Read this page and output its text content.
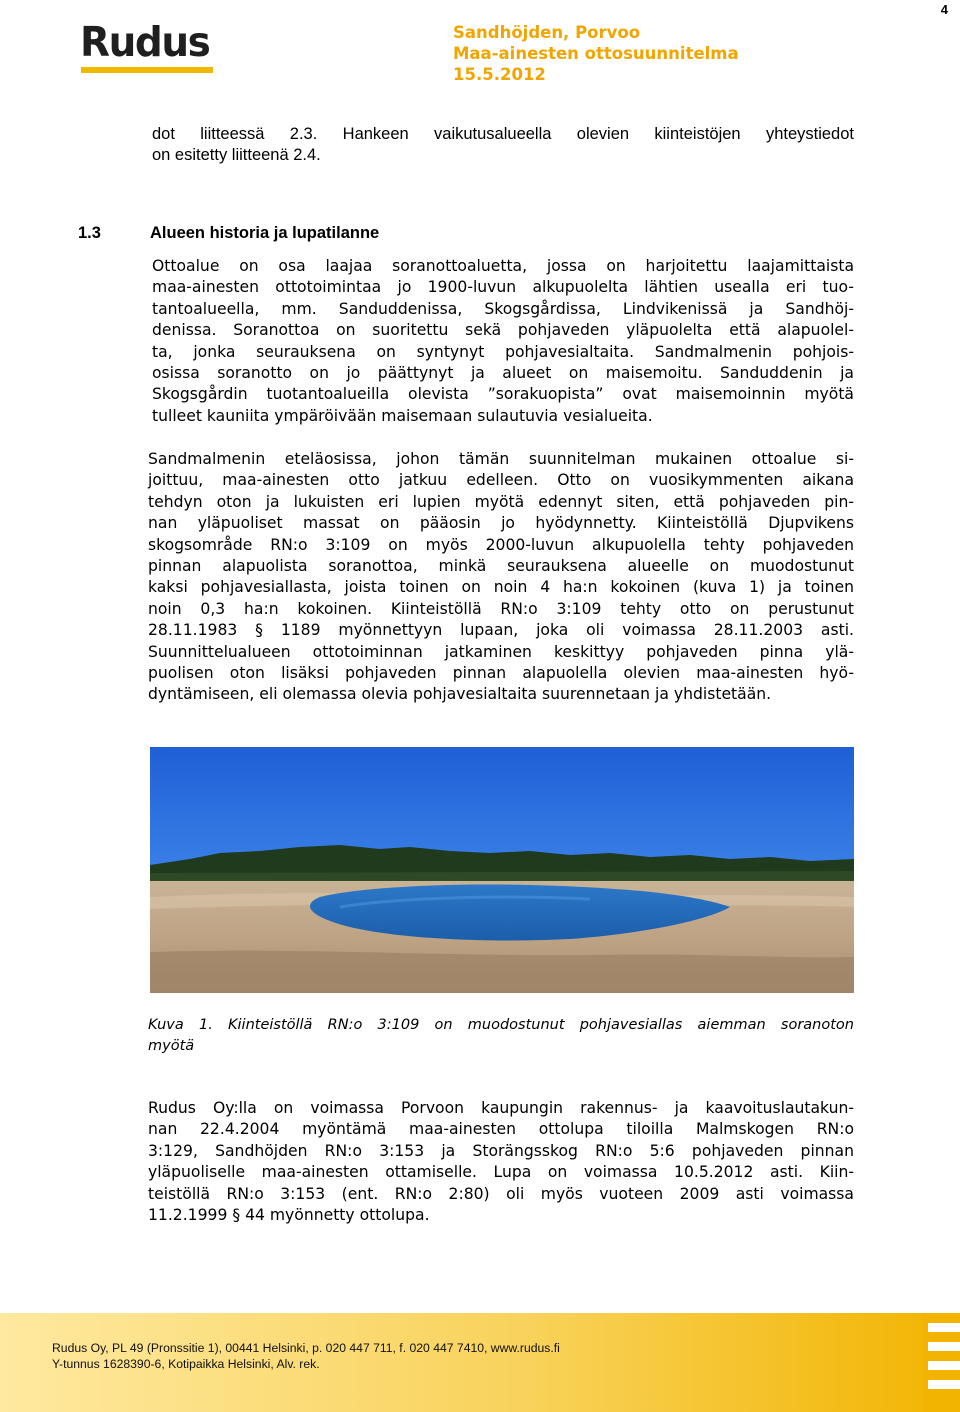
4
Rudus	Sandhöjden, Porvoo
Maa-ainesten ottosuunnitelma
15.5.2012

dot liitteessä 2.3. Hankeen vaikutusalueella olevien kiinteistöjen yhteystiedot
on esitetty liitteenä 2.4.

1.3	Alueen historia ja lupatilanne

Ottoalue on osa laajaa soranottoaluetta, jossa on harjoitettu laajamittaista
maa-ainesten ottotoimintaa jo 1900-luvun alkupuolelta lähtien usealla eri tuo-
tantoalueella, mm. Sanduddenissa, Skogsgårdissa, Lindvikenissä ja Sandhöj-
denissa. Soranottoa on suoritettu sekä pohjaveden yläpuolelta että alapuolel-
ta, jonka seurauksena on syntynyt pohjavesialtaita. Sandmalmenin pohjois-
osissa soranotto on jo päättynyt ja alueet on maisemoitu. Sanduddenin ja
Skogsgårdin tuotantoalueilla olevista ”sorakuopista” ovat maisemoinnin myötä
tulleet kauniita ympäröivään maisemaan sulautuvia vesialueita.

Sandmalmenin eteläosissa, johon tämän suunnitelman mukainen ottoalue si-
joittuu, maa-ainesten otto jatkuu edelleen. Otto on vuosikymmenten aikana
tehdyn oton ja lukuisten eri lupien myötä edennyt siten, että pohjaveden pin-
nan yläpuoliset massat on pääosin jo hyödynnetty. Kiinteistöllä Djupvikens
skogsområde RN:o 3:109 on myös 2000-luvun alkupuolella tehty pohjaveden
pinnan alapuolista soranottoa, minkä seurauksena alueelle on muodostunut
kaksi pohjavesiallasta, joista toinen on noin 4 ha:n kokoinen (kuva 1) ja toinen
noin 0,3 ha:n kokoinen. Kiinteistöllä RN:o 3:109 tehty otto on perustunut
28.11.1983 § 1189 myönnettyyn lupaan, joka oli voimassa 28.11.2003 asti.
Suunnittelualueen ottotoiminnan jatkaminen keskittyy pohjaveden pinna ylä-
puolisen oton lisäksi pohjaveden pinnan alapuolella olevien maa-ainesten hyö-
dyntämiseen, eli olemassa olevia pohjavesialtaita suurennetaan ja yhdistetään.

Kuva 1. Kiinteistöllä RN:o 3:109 on muodostunut pohjavesiallas aiemman soranoton
myötä

Rudus Oy:lla on voimassa Porvoon kaupungin rakennus- ja kaavoituslautakun-
nan 22.4.2004 myöntämä maa-ainesten ottolupa tiloilla Malmskogen RN:o
3:129, Sandhöjden RN:o 3:153 ja Storängsskog RN:o 5:6 pohjaveden pinnan
yläpuoliselle maa-ainesten ottamiselle. Lupa on voimassa 10.5.2012 asti. Kiin-
teistöllä RN:o 3:153 (ent. RN:o 2:80) oli myös vuoteen 2009 asti voimassa
11.2.1999 § 44 myönnetty ottolupa.

Rudus Oy, PL 49 (Pronssitie 1), 00441 Helsinki, p. 020 447 711, f. 020 447 7410, www.rudus.fi
Y-tunnus 1628390-6, Kotipaikka Helsinki, Alv. rek.
